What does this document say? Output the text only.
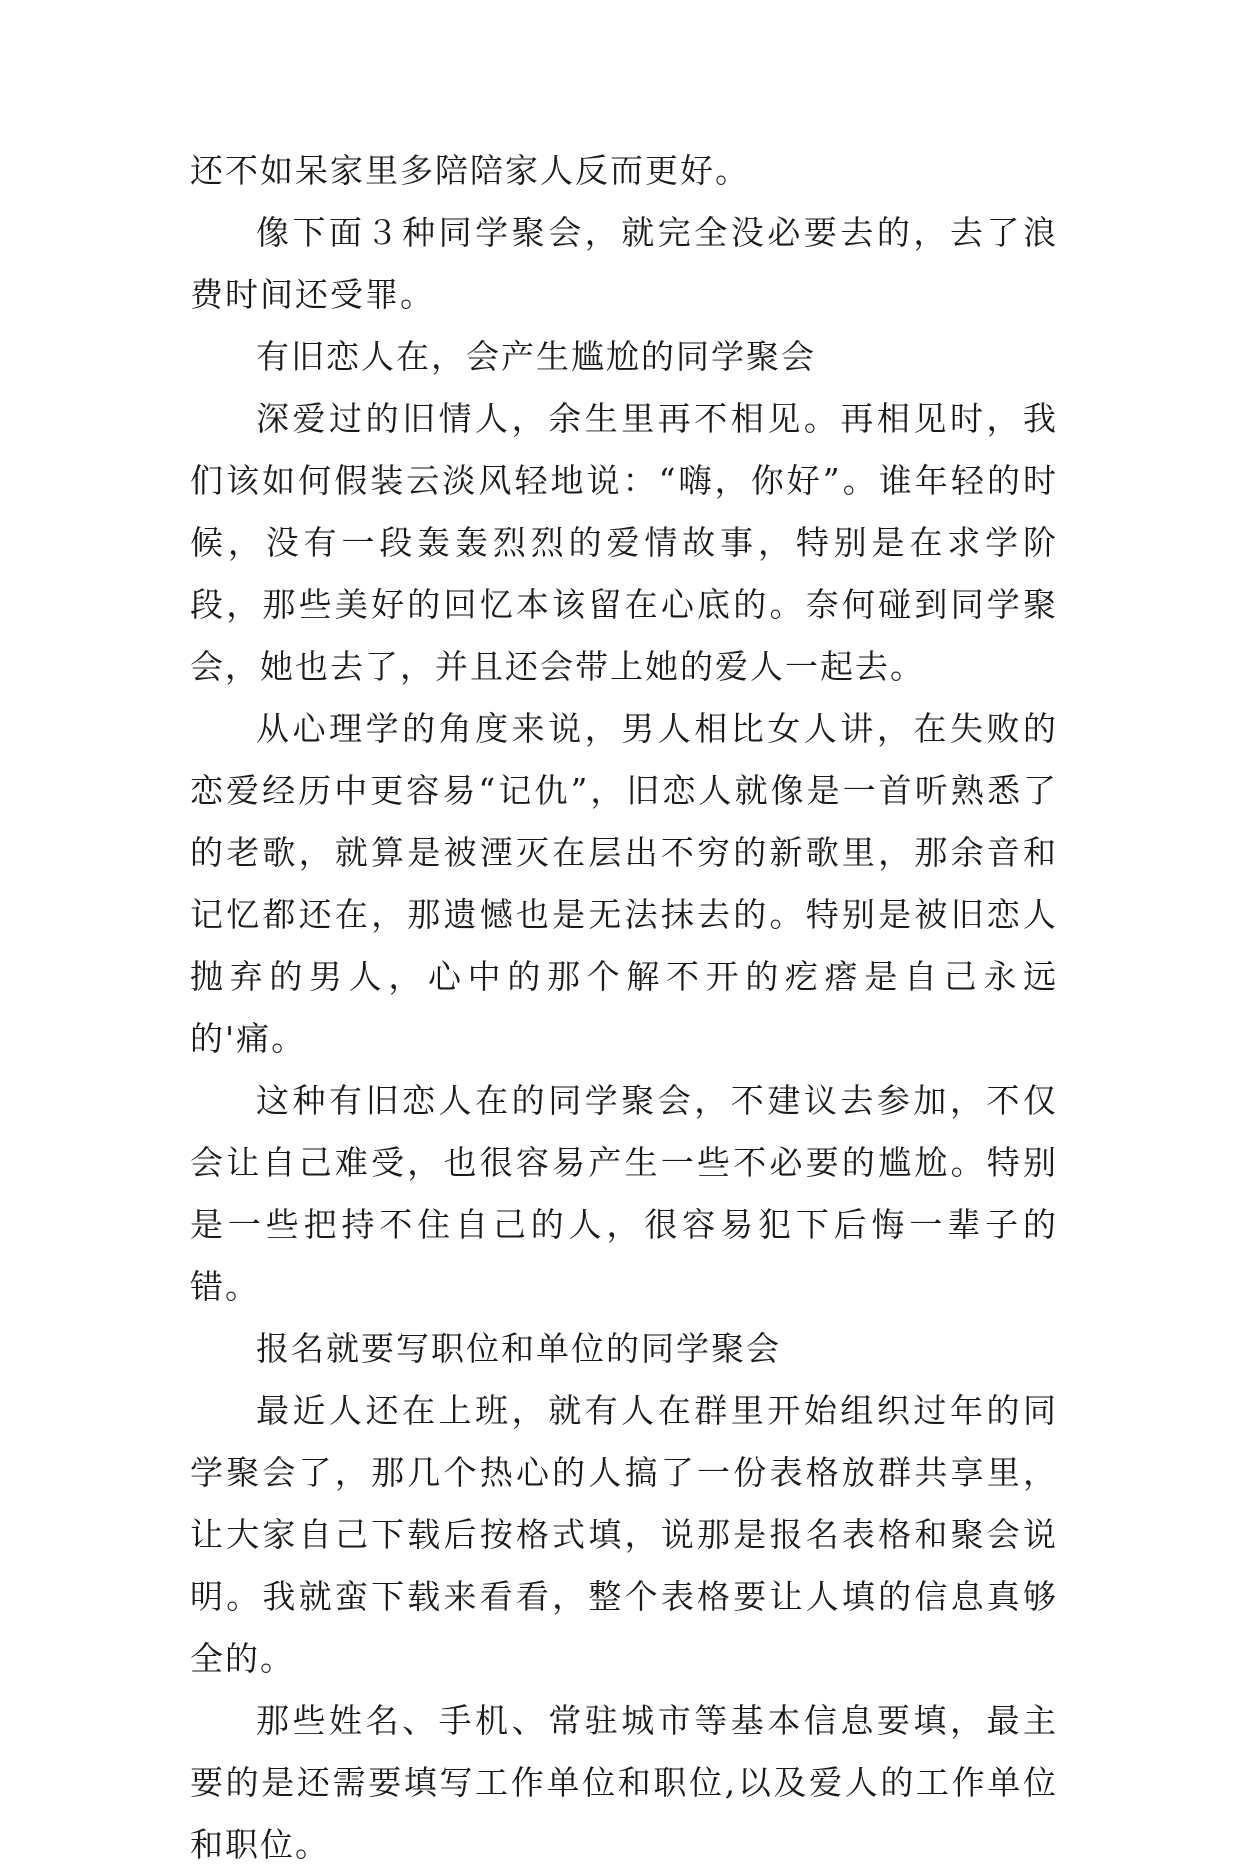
还不如呆家里多陪陪家人反而更好。

像下面３种同学聚会，就完全没必要去的，去了浪费时间还受罪。

有旧恋人在，会产生尴尬的同学聚会

深爱过的旧情人，余生里再不相见。再相见时，我们该如何假装云淡风轻地说：“嗨，你好”。谁年轻的时候，没有一段轰轰烈烈的爱情故事，特别是在求学阶段，那些美好的回忆本该留在心底的。奈何碰到同学聚会，她也去了，并且还会带上她的爱人一起去。

从心理学的角度来说，男人相比女人讲，在失败的恋爱经历中更容易“记仇”，旧恋人就像是一首听熟悉了的老歌，就算是被湮灭在层出不穷的新歌里，那余音和记忆都还在，那遗憾也是无法抹去的。特别是被旧恋人抛弃的男人，心中的那个解不开的疙瘩是自己永远的'痛。

这种有旧恋人在的同学聚会，不建议去参加，不仅会让自己难受，也很容易产生一些不必要的尴尬。特别是一些把持不住自己的人，很容易犯下后悔一辈子的错。

报名就要写职位和单位的同学聚会

最近人还在上班，就有人在群里开始组织过年的同学聚会了，那几个热心的人搞了一份表格放群共享里，让大家自己下载后按格式填，说那是报名表格和聚会说明。我就蛮下载来看看，整个表格要让人填的信息真够全的。

那些姓名、手机、常驻城市等基本信息要填，最主要的是还需要填写工作单位和职位,以及爱人的工作单位和职位。
